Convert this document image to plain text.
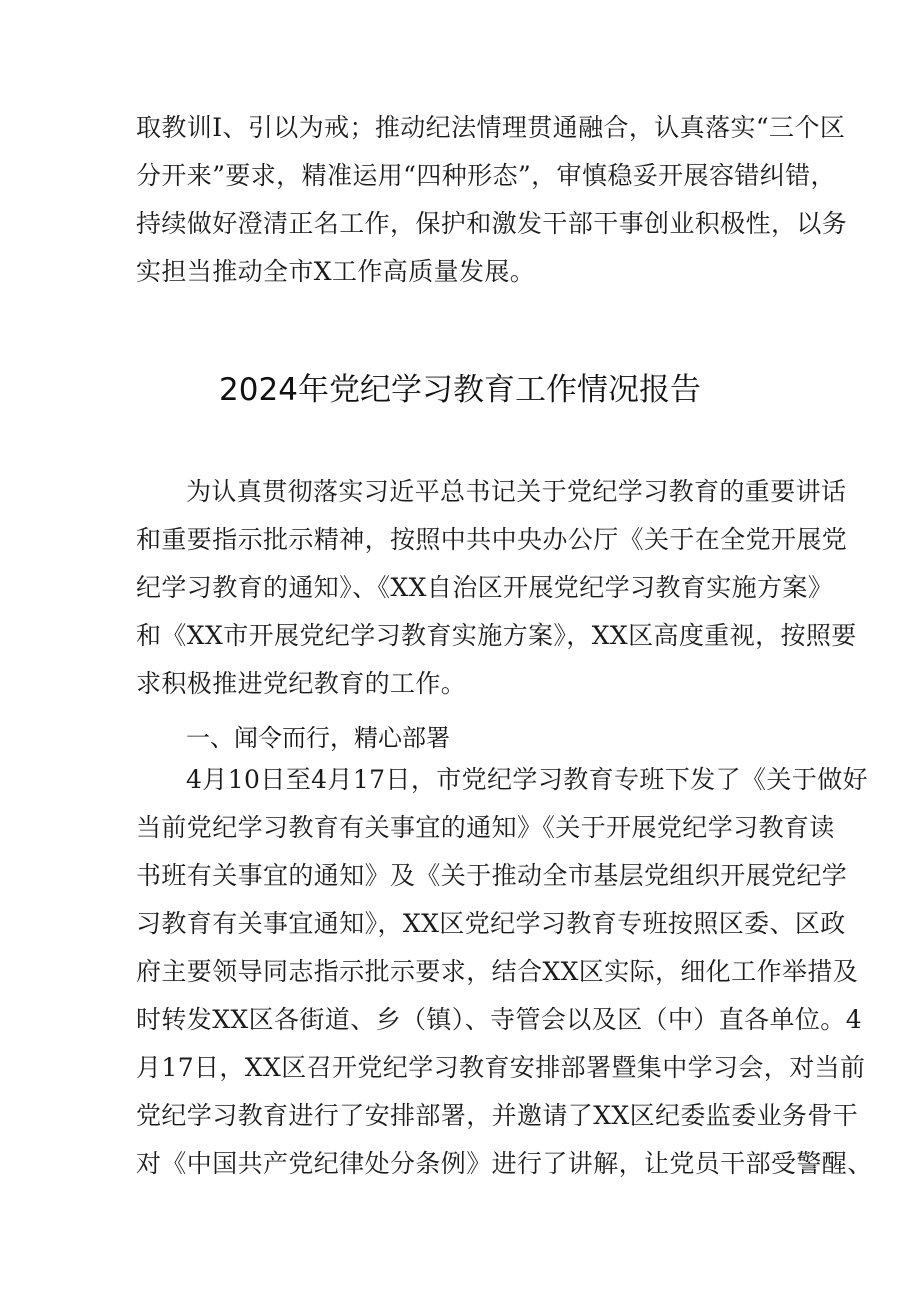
取教训I、引以为戒；推动纪法情理贯通融合，认真落实“三个区
分开来”要求，精准运用“四种形态”，审慎稳妥开展容错纠错，
持续做好澄清正名工作，保护和激发干部干事创业积极性，以务
实担当推动全市X工作高质量发展。
2024年党纪学习教育工作情况报告
为认真贯彻落实习近平总书记关于党纪学习教育的重要讲话
和重要指示批示精神，按照中共中央办公厅《关于在全党开展党
纪学习教育的通知》、《XX自治区开展党纪学习教育实施方案》
和《XX市开展党纪学习教育实施方案》，XX区高度重视，按照要
求积极推进党纪教育的工作。
一、闻令而行，精心部署
4月10日至4月17日，市党纪学习教育专班下发了《关于做好
当前党纪学习教育有关事宜的通知》《关于开展党纪学习教育读
书班有关事宜的通知》及《关于推动全市基层党组织开展党纪学
习教育有关事宜通知》，XX区党纪学习教育专班按照区委、区政
府主要领导同志指示批示要求，结合XX区实际，细化工作举措及
时转发XX区各街道、乡（镇）、寺管会以及区（中）直各单位。4
月17日，XX区召开党纪学习教育安排部署暨集中学习会，对当前
党纪学习教育进行了安排部署，并邀请了XX区纪委监委业务骨干
对《中国共产党纪律处分条例》进行了讲解，让党员干部受警醒、
